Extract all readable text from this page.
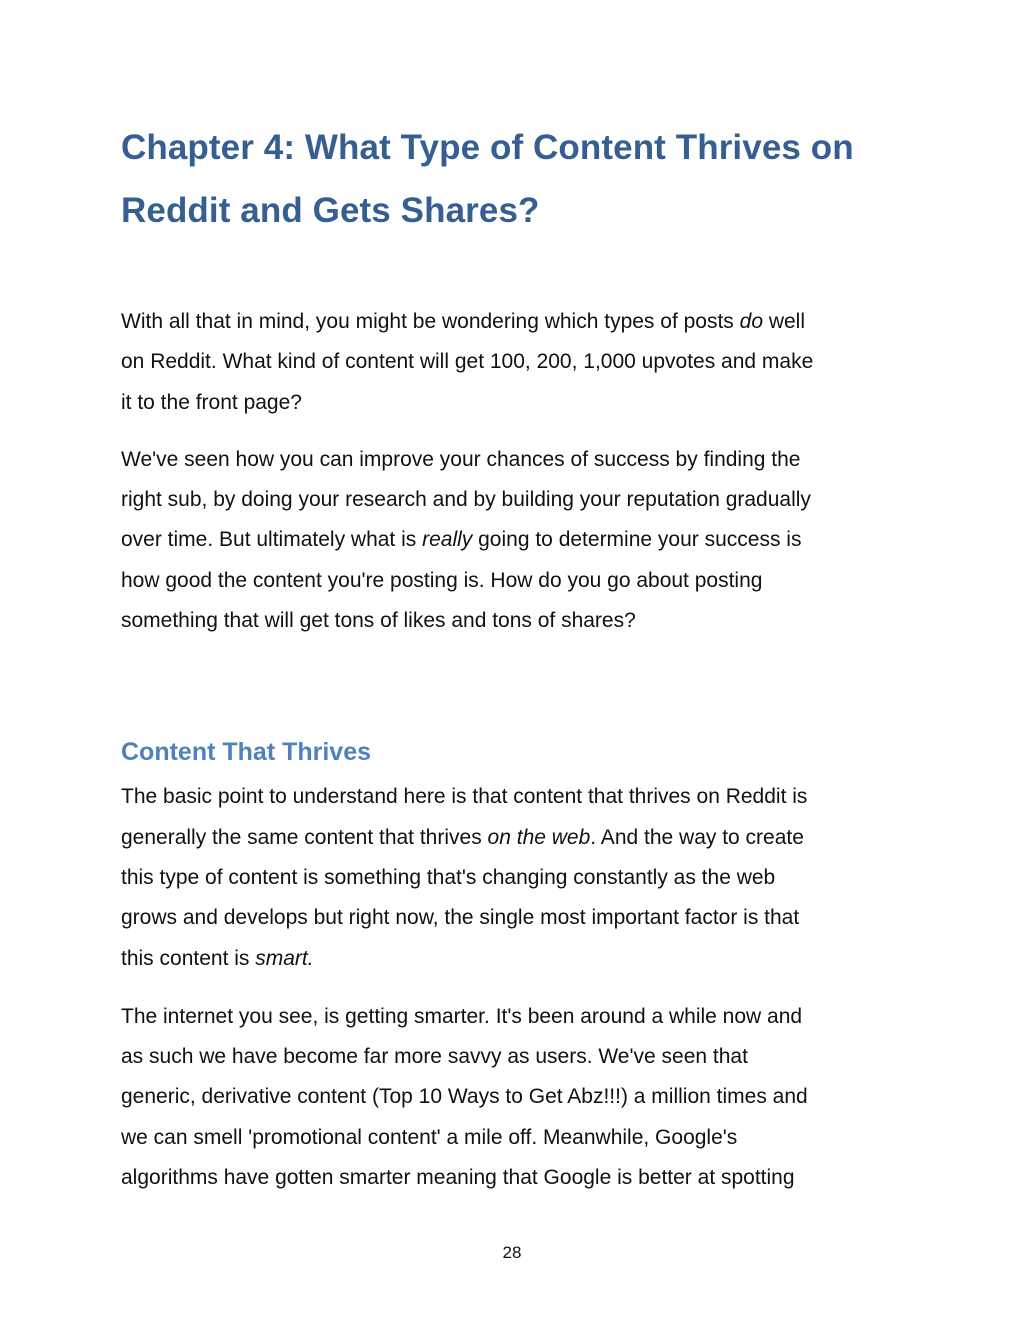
Chapter 4: What Type of Content Thrives on
Reddit and Gets Shares?

With all that in mind, you might be wondering which types of posts do well
on Reddit. What kind of content will get 100, 200, 1,000 upvotes and make
it to the front page?

We've seen how you can improve your chances of success by finding the
right sub, by doing your research and by building your reputation gradually
over time. But ultimately what is really going to determine your success is
how good the content you're posting is. How do you go about posting
something that will get tons of likes and tons of shares?

Content That Thrives

The basic point to understand here is that content that thrives on Reddit is
generally the same content that thrives on the web. And the way to create
this type of content is something that's changing constantly as the web
grows and develops but right now, the single most important factor is that
this content is smart.

The internet you see, is getting smarter. It's been around a while now and
as such we have become far more savvy as users. We've seen that
generic, derivative content (Top 10 Ways to Get Abz!!!) a million times and
we can smell 'promotional content' a mile off. Meanwhile, Google's
algorithms have gotten smarter meaning that Google is better at spotting

28
